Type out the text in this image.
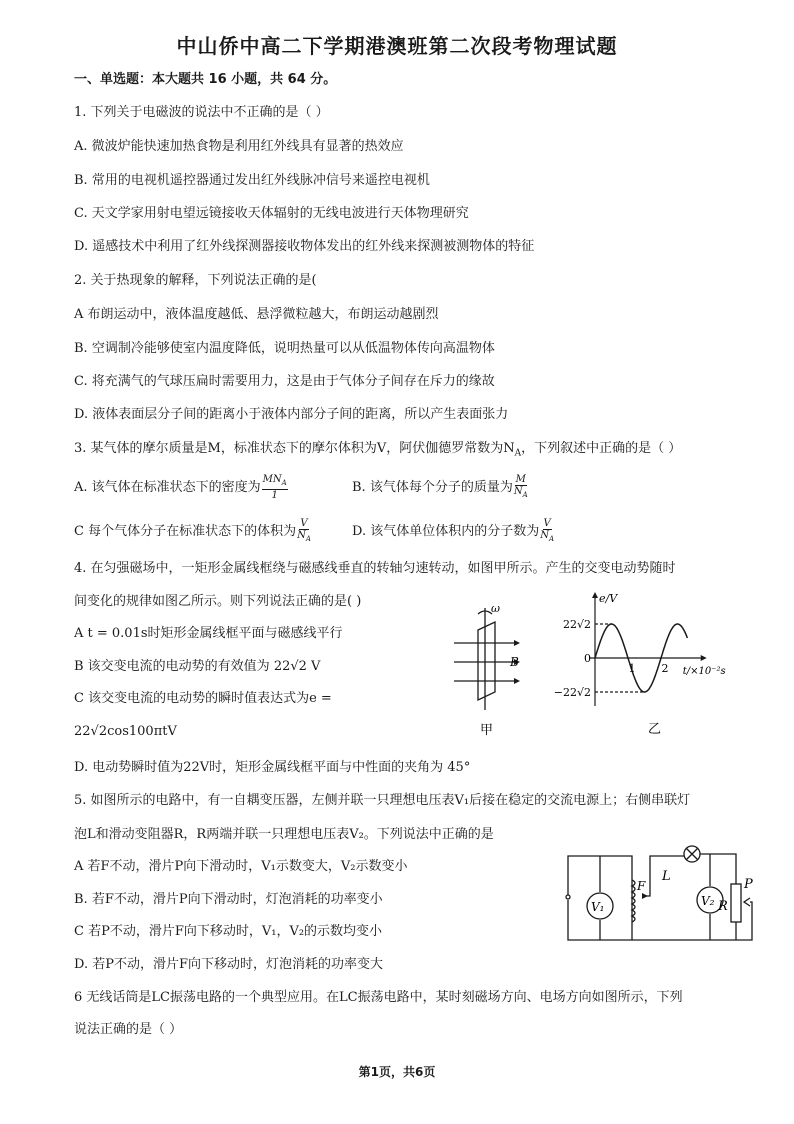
中山侨中高二下学期港澳班第二次段考物理试题
一、单选题：本大题共 16 小题，共 64 分。
1. 下列关于电磁波的说法中不正确的是（ ）
A. 微波炉能快速加热食物是利用红外线具有显著的热效应
B. 常用的电视机遥控器通过发出红外线脉冲信号来遥控电视机
C. 天文学家用射电望远镜接收天体辐射的无线电波进行天体物理研究
D. 遥感技术中利用了红外线探测器接收物体发出的红外线来探测被测物体的特征
2. 关于热现象的解释，下列说法正确的是(
A 布朗运动中，液体温度越低、悬浮微粒越大，布朗运动越剧烈
B. 空调制冷能够使室内温度降低，说明热量可以从低温物体传向高温物体
C. 将充满气的气球压扁时需要用力，这是由于气体分子间存在斥力的缘故
D. 液体表面层分子间的距离小于液体内部分子间的距离，所以产生表面张力
3. 某气体的摩尔质量是M，标准状态下的摩尔体积为V，阿伏伽德罗常数为$N_A$，下列叙述中正确的是（ ）
A. 该气体在标准状态下的密度为 $\frac{MN_A}{1}$	B. 该气体每个分子的质量为 $\frac{M}{N_A}$
C 每个气体分子在标准状态下的体积为 $\frac{V}{N_A}$	D. 该气体单位体积内的分子数为 $\frac{V}{N_A}$
4. 在匀强磁场中，一矩形金属线框绕与磁感线垂直的转轴匀速转动，如图甲所示。产生的交变电动势随时
间变化的规律如图乙所示。则下列说法正确的是( )
A t = 0.01s时矩形金属线框平面与磁感线平行
B 该交变电流的电动势的有效值为 22√2 V
C 该交变电流的电动势的瞬时值表达式为e =
22√2cos100πtV
D. 电动势瞬时值为22V时，矩形金属线框平面与中性面的夹角为 45°
ω
B
甲
e/V
t/×10⁻²s
22√2
−22√2
0
1 2
乙
5. 如图所示的电路中，有一自耦变压器，左侧并联一只理想电压表V₁后接在稳定的交流电源上；右侧串联灯
泡L和滑动变阻器R，R两端并联一只理想电压表V₂。下列说法中正确的是
A 若F不动，滑片P向下滑动时，V₁示数变大，V₂示数变小
B. 若F不动，滑片P向下滑动时，灯泡消耗的功率变小
C 若P不动，滑片F向下移动时，V₁，V₂的示数均变小
D. 若P不动，滑片F向下移动时，灯泡消耗的功率变大
V₁	V₂
F
L
R
P
6 无线话筒是LC振荡电路的一个典型应用。在LC振荡电路中，某时刻磁场方向、电场方向如图所示，下列
说法正确的是（ ）
第1页，共6页
